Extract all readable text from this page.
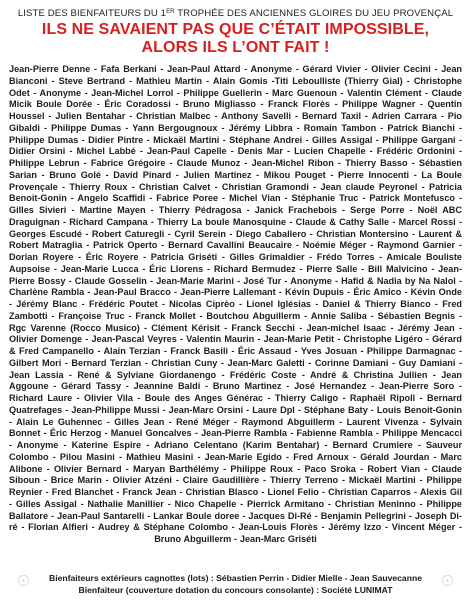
LISTE DES BIENFAITEURS DU 1ER TROPHÉE DES ANCIENNES GLOIRES DU JEU PROVENÇAL
ILS NE SAVAIENT PAS QUE C’ÉTAIT IMPOSSIBLE,
ALORS ILS L’ONT FAIT !
Jean-Pierre Denne - Fafa Berkani - Jean-Paul Attard - Anonyme - Gérard Vivier - Olivier Cecini - Jean Bianconi - Steve Bertrand - Mathieu Martin - Alain Gomis -Titi Leboulliste (Thierry Gial) - Christophe Odet - Anonyme - Jean-Michel Lorrol - Philippe Guellerin - Marc Guenoun - Valentin Clément - Claude Micik Boule Dorée - Éric Coradossi - Bruno Migliasso - Franck Florès - Philippe Wagner - Quentin Houssel - Julien Bentahar - Christian Malbec - Anthony Savelli - Bernard Taxil - Adrien Carrara - Pio Gibaldi - Philippe Dumas - Yann Bergougnoux - Jérémy Libbra - Romain Tambon - Patrick Bianchi - Philippe Dumas - Didier Pintre - Mickaël Martini - Stéphane Andrei - Gilles Assigal - Philippe Gargani - Didier Orsini - Michel Labbé - Jean-Paul Capelle - Denis Mar - Lucien Chapelle - Frédéric Ordonini - Philippe Lebrun - Fabrice Grégoire - Claude Munoz - Jean-Michel Ribon - Thierry Basso - Sébastien Sarian - Bruno Golé - David Pinard - Julien Martinez - Mikou Pouget - Pierre Innocenti - La Boule Provençale - Thierry Roux - Christian Calvet - Christian Gramondi - Jean claude Peyronel - Patricia Benoit-Gonin - Angelo Scaffidi - Fabrice Poree - Michel Vian - Stéphanie Truc - Patrick Montefusco - Gilles Sivieri - Martine Mayen - Thierry Pédragosa - Janick Frachebois - Serge Porre - Noël ABC Draguignan - Richard Campana - Thierry La boule Manosquine - Claude & Cathy Salle - Marcel Rossi - Georges Escudé - Robert Caturegli - Cyril Serein - Diego Caballero - Christian Montersino - Laurent & Robert Matraglia - Patrick Operto - Bernard Cavallini Beaucaire - Noémie Méger - Raymond Garnier - Dorian Royere - Éric Royere - Patricia Griséti - Gilles Grimaldier - Frédo Torres - Amicale Bouliste Aupsoise - Jean-Marie Lucca - Éric Llorens - Richard Bermudez - Pierre Salle - Bill Malvicino - Jean-Pierre Bossy - Claude Gosselin - Jean-Marie Marini - José Tur - Anonyme - Hafid & Nadia by Na Nalol - Charlène Rambla - Jean-Paul Bracco - Jean-Pierre Lallemant - Kévin Dupuis - Éric Amico - Kévin Onde - Jérémy Blanc - Frédéric Poutet - Nicolas Ciprèo - Lionel Iglésias - Daniel & Thierry Bianco - Fred Zambotti - Françoise Truc - Franck Mollet - Boutchou Abguillerm - Annie Saliba - Sébastien Begnis - Rgc Varenne (Rocco Musico) - Clément Kérisit - Franck Secchi - Jean-michel Isaac - Jérémy Jean - Olivier Domenge - Jean-Pascal Veyres - Valentin Maurin - Jean-Marie Petit - Christophe Ligéro - Gérard & Fred Campanello - Alain Terzian - Franck Basili - Éric Assaud - Yves Josuan - Philippe Darmagnac - Gilbert Mori - Bernard Terzian - Christian Cuny - Jean-Marc Galetti - Corinne Damiani - Guy Damiani - Jean Lassia - René & Sylviane Giordanengo - Frédéric Coste - André & Christina Jullien - Jean Aggoune - Gérard Tassy - Jeannine Baldi - Bruno Martinez - José Hernandez - Jean-Pierre Soro - Richard Laure - Olivier Vila - Boule des Anges Générac - Thierry Caligo - Raphaël Ripoll - Bernard Quatrefages - Jean-Philippe Mussi - Jean-Marc Orsini - Laure Dpl - Stéphane Baty - Louis Benoit-Gonin - Alain Le Guhennec - Gilles Jean - René Méger - Raymond Abguillerm - Laurent Vivenza - Sylvain Bonnet - Éric Herzog - Manuel Goncalves - Jean-Pierre Rambla - Fabienne Rambla - Philippe Mencacci - Anonyme - Katerine Espire - Adriano Celentano (Karim Bentahar) - Bernard Crumiere - Sauveur Colombo - Pilou Masini - Mathieu Masini - Jean-Marie Egido - Fred Arnoux - Gérald Jourdan - Marc Alibone - Olivier Bernard - Maryan Barthélémy - Philippe Roux - Paco Sroka - Robert Vian - Claude Siboun - Brice Marin - Olivier Atzéni - Claire Gaudillière - Thierry Terreno - Mickaël Martini - Philippe Reynier - Fred Blanchet - Franck Jean - Christian Blasco - Lionel Felio - Christian Caparros - Alexis Gil - Gilles Assigal - Nathalie Manillier - Nico Chapelle - Pierrick Armitano - Christian Meninno - Philippe Ballatore - Jean-Paul Santarelli - Lankar Boule doree - Jacques Di-Ré - Benjamin Pellegrini - Joseph Di-ré - Florian Alfieri - Audrey & Stéphane Colombo - Jean-Louis Florès - Jérémy Izzo - Vincent Méger - Bruno Abguillerm - Jean-Marc Griséti
Bienfaiteurs extérieurs cagnottes (lots) : Sébastien Perrin - Didier Mielle - Jean Sauvecanne
Bienfaiteur (couverture dotation du concours consolante) : Société LUNIMAT
